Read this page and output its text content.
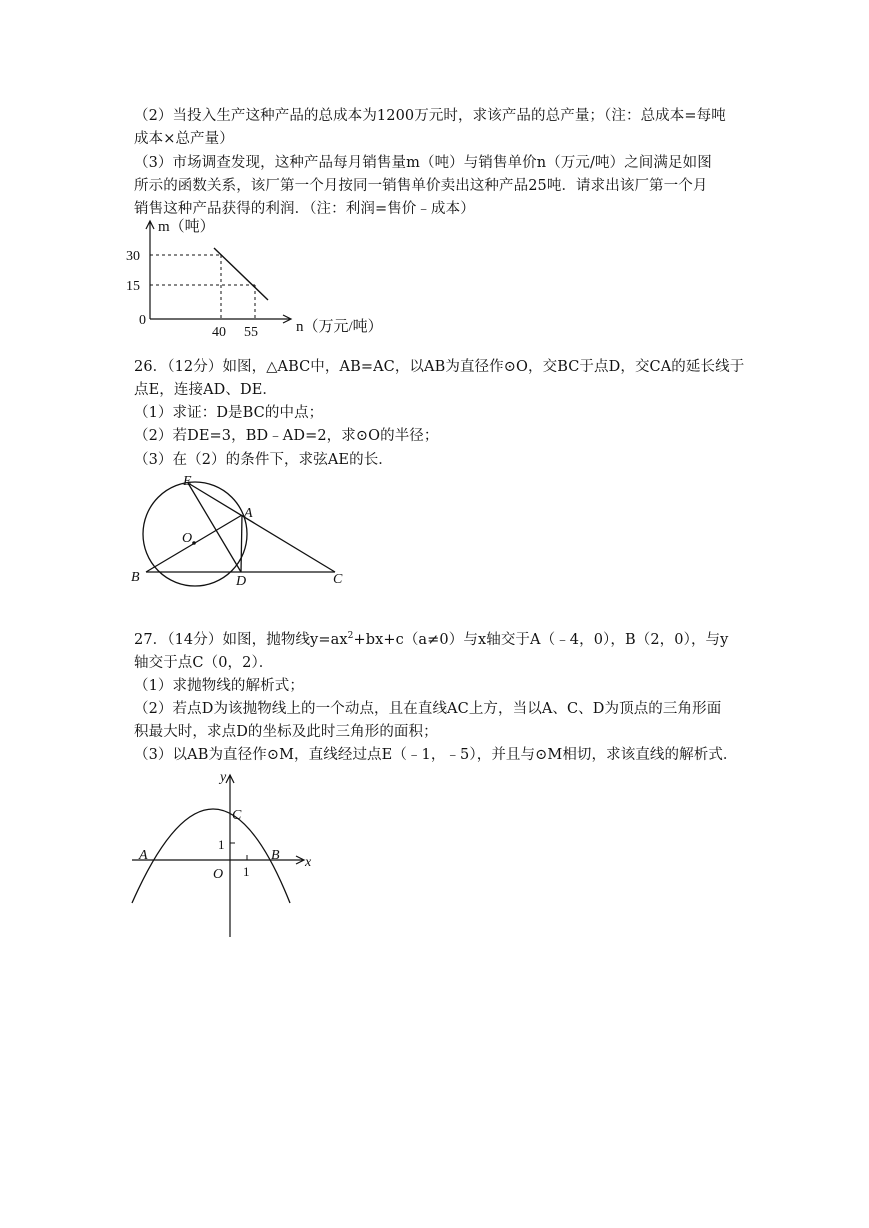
（2）当投入生产这种产品的总成本为1200万元时，求该产品的总产量；（注：总成本=每吨
成本×总产量）
（3）市场调查发现，这种产品每月销售量m（吨）与销售单价n（万元/吨）之间满足如图
所示的函数关系，该厂第一个月按同一销售单价卖出这种产品25吨．请求出该厂第一个月
销售这种产品获得的利润．（注：利润=售价﹣成本）
m（吨）
30
15
0
40 55	n（万元/吨）
26．（12分）如图，△ABC中，AB=AC，以AB为直径作⊙O，交BC于点D，交CA的延长线于
点E，连接AD、DE．
（1）求证：D是BC的中点；
（2）若DE=3，BD﹣AD=2，求⊙O的半径；
（3）在（2）的条件下，求弦AE的长．
E
A
O
B	D	C
27．（14分）如图，抛物线$y=ax^2+bx+c(a\ne 0)$与x轴交于A（﹣4，0），B（2，0），与y
轴交于点C（0，2）．
（1）求抛物线的解析式；
（2）若点D为该抛物线上的一个动点，且在直线AC上方，当以A、C、D为顶点的三角形面
积最大时，求点D的坐标及此时三角形的面积；
（3）以AB为直径作⊙M，直线经过点E（﹣1，﹣5），并且与⊙M相切，求该直线的解析式．
y
x
A	B
C
O
1
1
